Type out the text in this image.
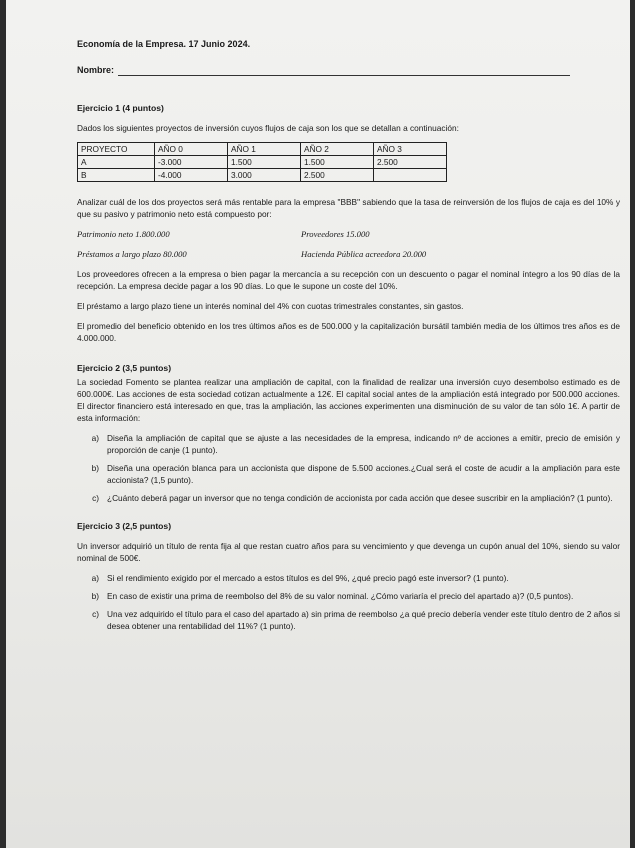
Economía de la Empresa. 17 Junio 2024.
Nombre:
Ejercicio 1 (4 puntos)

Dados los siguientes proyectos de inversión cuyos flujos de caja son los que se detallan a continuación:

PROYECTO	AÑO 0	AÑO 1	AÑO 2	AÑO 3
A	-3.000	1.500	1.500	2.500
B	-4.000	3.000	2.500	

Analizar cuál de los dos proyectos será más rentable para la empresa "BBB" sabiendo que la tasa de reinversión de los flujos de caja es del 10% y que su pasivo y patrimonio neto está compuesto por:

Patrimonio neto 1.800.000	Proveedores 15.000
Préstamos a largo plazo 80.000	Hacienda Pública acreedora 20.000

Los proveedores ofrecen a la empresa o bien pagar la mercancía a su recepción con un descuento o pagar el nominal íntegro a los 90 días de la recepción. La empresa decide pagar a los 90 días. Lo que le supone un coste del 10%.

El préstamo a largo plazo tiene un interés nominal del 4% con cuotas trimestrales constantes, sin gastos.

El promedio del beneficio obtenido en los tres últimos años es de 500.000 y la capitalización bursátil también media de los últimos tres años es de 4.000.000.

Ejercicio 2 (3,5 puntos)

La sociedad Fomento se plantea realizar una ampliación de capital, con la finalidad de realizar una inversión cuyo desembolso estimado es de 600.000€. Las acciones de esta sociedad cotizan actualmente a 12€. El capital social antes de la ampliación está integrado por 500.000 acciones. El director financiero está interesado en que, tras la ampliación, las acciones experimenten una disminución de su valor de tan sólo 1€. A partir de esta información:

a) Diseña la ampliación de capital que se ajuste a las necesidades de la empresa, indicando nº de acciones a emitir, precio de emisión y proporción de canje (1 punto).
b) Diseña una operación blanca para un accionista que dispone de 5.500 acciones.¿Cual será el coste de acudir a la ampliación para este accionista? (1,5 punto).
c) ¿Cuánto deberá pagar un inversor que no tenga condición de accionista por cada acción que desee suscribir en la ampliación? (1 punto).
Ejercicio 3 (2,5 puntos)

Un inversor adquirió un título de renta fija al que restan cuatro años para su vencimiento y que devenga un cupón anual del 10%, siendo su valor nominal de 500€.

a) Si el rendimiento exigido por el mercado a estos títulos es del 9%, ¿qué precio pagó este inversor? (1 punto).
b) En caso de existir una prima de reembolso del 8% de su valor nominal. ¿Cómo variaría el precio del apartado a)? (0,5 puntos).
c) Una vez adquirido el título para el caso del apartado a) sin prima de reembolso ¿a qué precio debería vender este título dentro de 2 años si desea obtener una rentabilidad del 11%? (1 punto).
